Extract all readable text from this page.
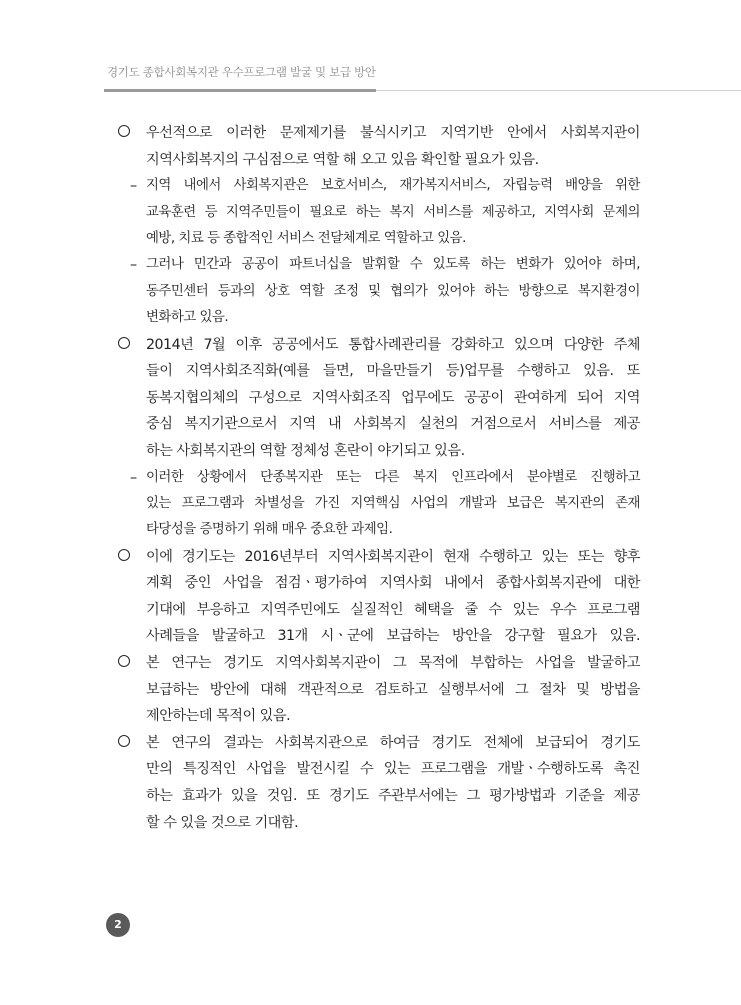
경기도 종합사회복지관 우수프로그램 발굴 및 보급 방안
우선적으로 이러한 문제제기를 불식시키고 지역기반 안에서 사회복지관이
지역사회복지의 구심점으로 역할 해 오고 있음 확인할 필요가 있음.
– 지역 내에서 사회복지관은 보호서비스, 재가복지서비스, 자립능력 배양을 위한
교육훈련 등 지역주민들이 필요로 하는 복지 서비스를 제공하고, 지역사회 문제의
예방, 치료 등 종합적인 서비스 전달체계로 역할하고 있음.
– 그러나 민간과 공공이 파트너십을 발휘할 수 있도록 하는 변화가 있어야 하며,
동주민센터 등과의 상호 역할 조정 및 협의가 있어야 하는 방향으로 복지환경이
변화하고 있음.
2014년 7월 이후 공공에서도 통합사례관리를 강화하고 있으며 다양한 주체
들이 지역사회조직화(예를 들면, 마을만들기 등)업무를 수행하고 있음. 또
동복지협의체의 구성으로 지역사회조직 업무에도 공공이 관여하게 되어 지역
중심 복지기관으로서 지역 내 사회복지 실천의 거점으로서 서비스를 제공
하는 사회복지관의 역할 정체성 혼란이 야기되고 있음.
– 이러한 상황에서 단종복지관 또는 다른 복지 인프라에서 분야별로 진행하고
있는 프로그램과 차별성을 가진 지역핵심 사업의 개발과 보급은 복지관의 존재
타당성을 증명하기 위해 매우 중요한 과제임.
이에 경기도는 2016년부터 지역사회복지관이 현재 수행하고 있는 또는 향후
계획 중인 사업을 점검ㆍ평가하여 지역사회 내에서 종합사회복지관에 대한
기대에 부응하고 지역주민에도 실질적인 혜택을 줄 수 있는 우수 프로그램
사례들을 발굴하고 31개 시ㆍ군에 보급하는 방안을 강구할 필요가 있음.
본 연구는 경기도 지역사회복지관이 그 목적에 부합하는 사업을 발굴하고
보급하는 방안에 대해 객관적으로 검토하고 실행부서에 그 절차 및 방법을
제안하는데 목적이 있음.
본 연구의 결과는 사회복지관으로 하여금 경기도 전체에 보급되어 경기도
만의 특징적인 사업을 발전시킬 수 있는 프로그램을 개발ㆍ수행하도록 촉진
하는 효과가 있을 것임. 또 경기도 주관부서에는 그 평가방법과 기준을 제공
할 수 있을 것으로 기대함.
2
